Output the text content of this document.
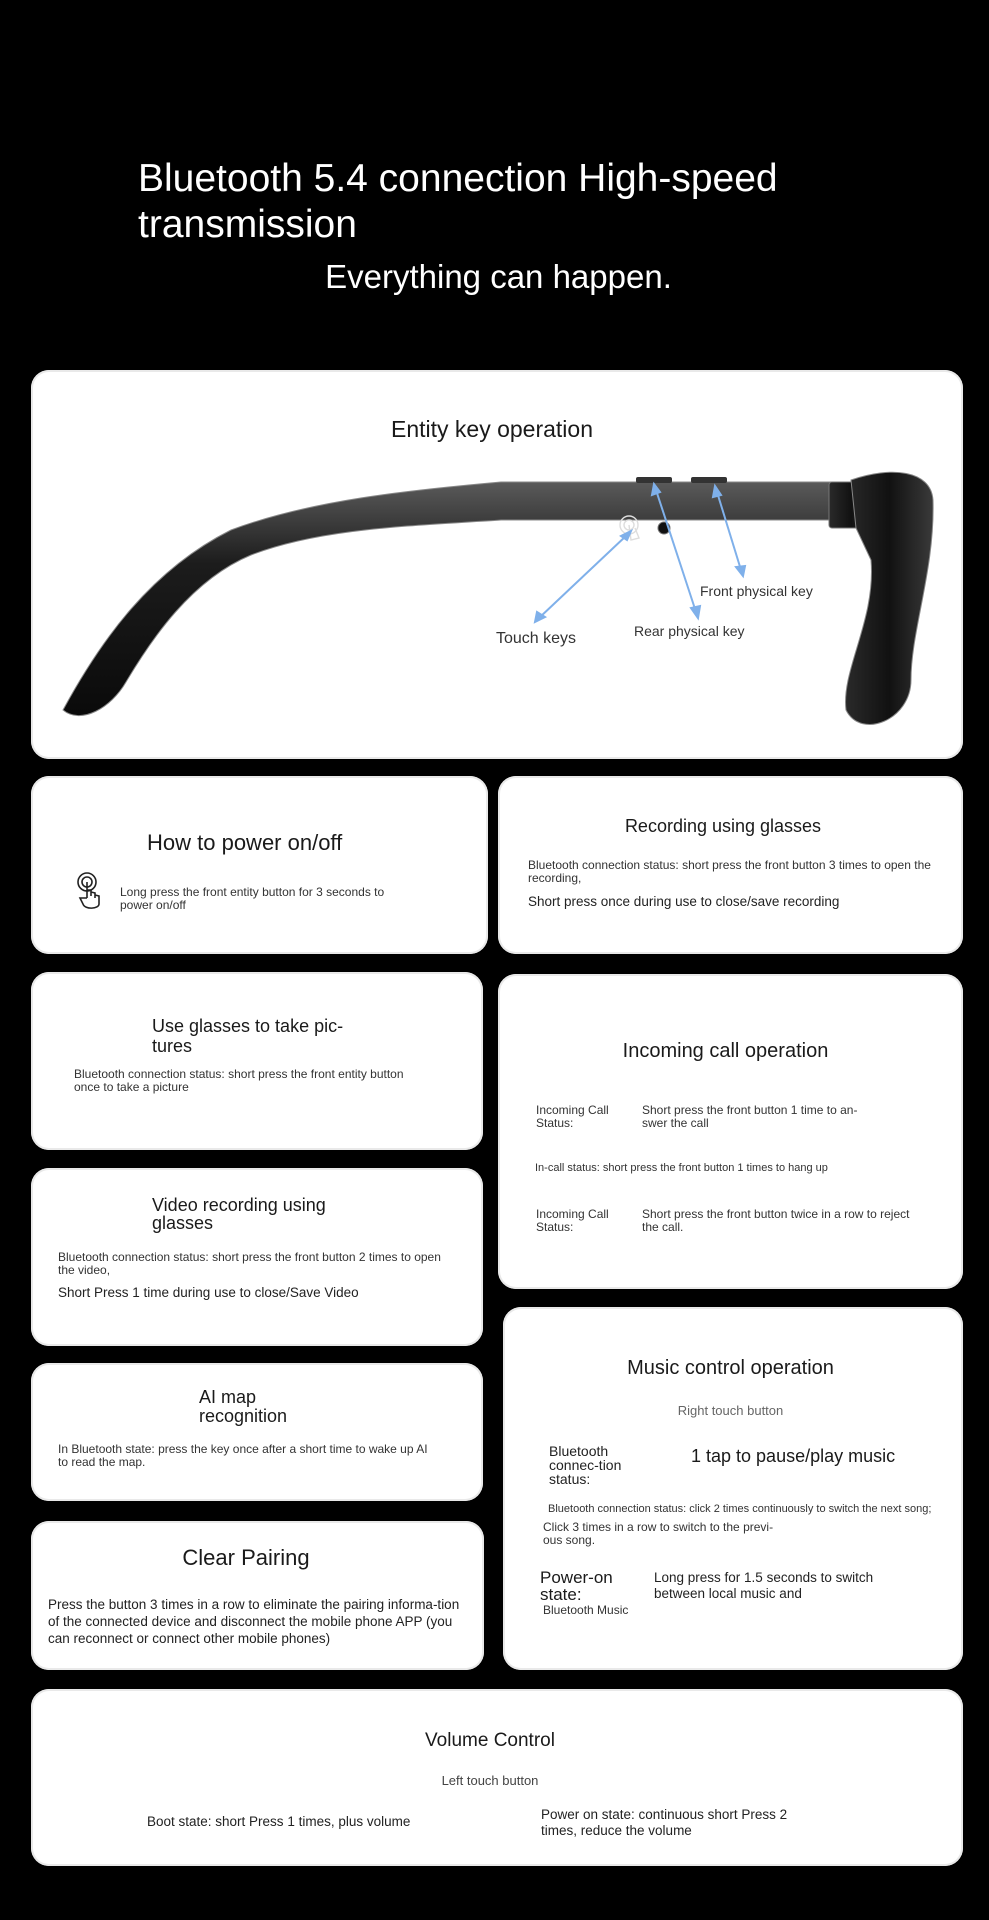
Bluetooth 5.4 connection High-speed transmission
Everything can happen.
Entity key operation
Touch keys	Rear physical key
Front physical key
How to power on/off
Long press the front entity button for 3 seconds to power on/off
Recording using glasses
Bluetooth connection status: short press the front button 3 times to open the recording,
Short press once during use to close/save recording
Use glasses to take pic-tures
Bluetooth connection status: short press the front entity button once to take a picture
Incoming call operation
Incoming Call Status:
Short press the front button 1 time to an-swer the call
In-call status: short press the front button 1 times to hang up
Incoming Call Status:
Short press the front button twice in a row to reject the call.
Video recording using glasses
Bluetooth connection status: short press the front button 2 times to open the video,
Short Press 1 time during use to close/Save Video
AI map recognition
In Bluetooth state: press the key once after a short time to wake up AI to read the map.
Music control operation
Right touch button
Bluetooth connec-tion status:
1 tap to pause/play music
Bluetooth connection status: click 2 times continuously to switch the next song;
Click 3 times in a row to switch to the previ-ous song.
Power-on state:
Long press for 1.5 seconds to switch between local music and
Bluetooth Music
Clear Pairing
Press the button 3 times in a row to eliminate the pairing informa-tion of the connected device and disconnect the mobile phone APP (you can reconnect or connect other mobile phones)
Volume Control
Left touch button
Boot state: short Press 1 times, plus volume	Power on state: continuous short Press 2 times, reduce the volume
